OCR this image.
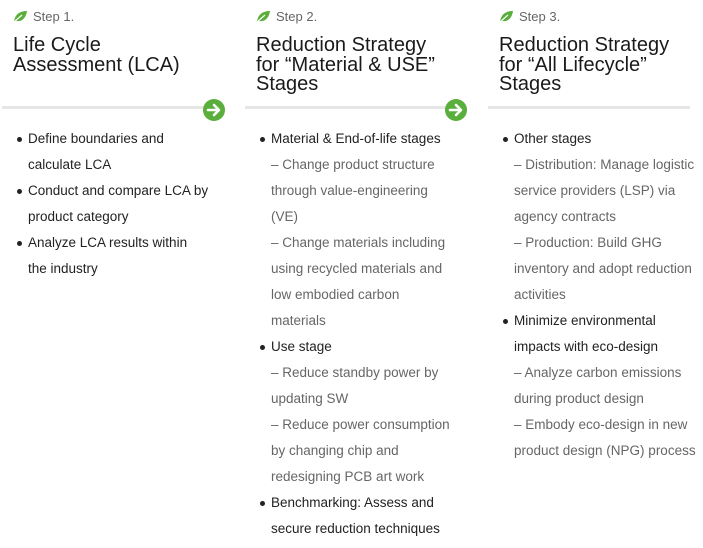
Step 1.
Life Cycle
Assessment (LCA)
Define boundaries and
calculate LCA
Conduct and compare LCA by
product category
Analyze LCA results within
the industry
Step 2.
Reduction Strategy
for “Material & USE”
Stages
Material & End-of-life stages
– Change product structure
through value-engineering
(VE)
– Change materials including
using recycled materials and
low embodied carbon
materials
Use stage
– Reduce standby power by
updating SW
– Reduce power consumption
by changing chip and
redesigning PCB art work
Benchmarking: Assess and
secure reduction techniques
Step 3.
Reduction Strategy
for “All Lifecycle”
Stages
Other stages
– Distribution: Manage logistic
service providers (LSP) via
agency contracts
– Production: Build GHG
inventory and adopt reduction
activities
Minimize environmental
impacts with eco-design
– Analyze carbon emissions
during product design
– Embody eco-design in new
product design (NPG) process
